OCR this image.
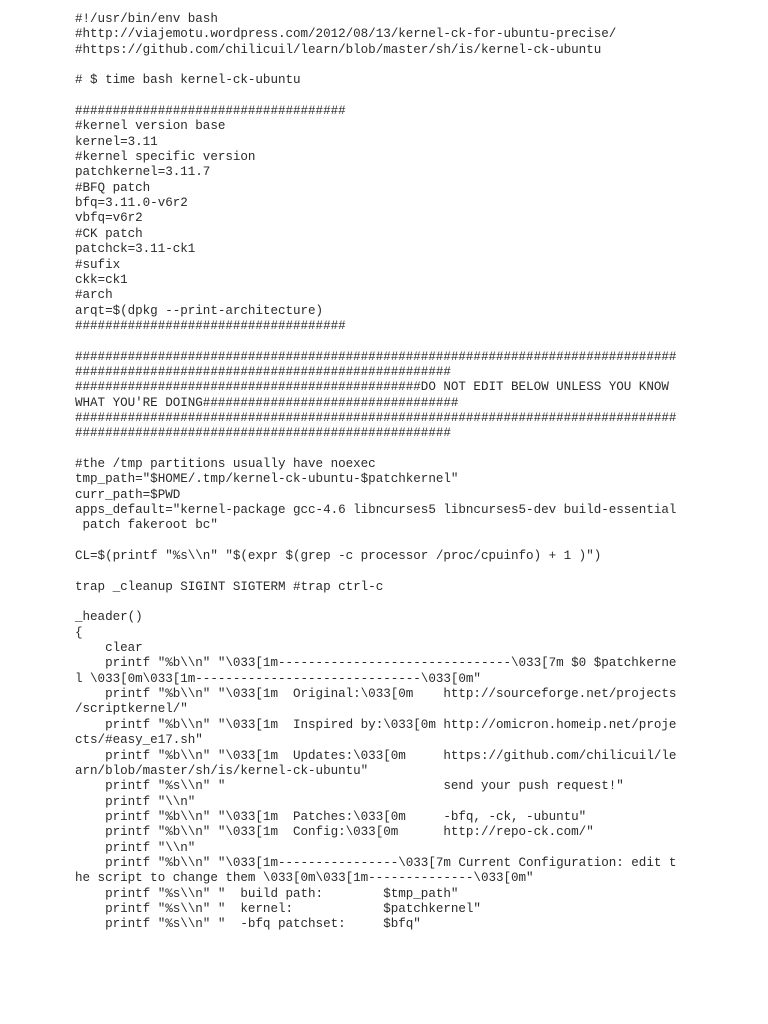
#!/usr/bin/env bash
#http://viajemotu.wordpress.com/2012/08/13/kernel-ck-for-ubuntu-precise/
#https://github.com/chilicuil/learn/blob/master/sh/is/kernel-ck-ubuntu
# $ time bash kernel-ck-ubuntu
####################################
#kernel version base
kernel=3.11
#kernel specific version
patchkernel=3.11.7
#BFQ patch
bfq=3.11.0-v6r2
vbfq=v6r2
#CK patch
patchck=3.11-ck1
#sufix
ckk=ck1
#arch
arqt=$(dpkg --print-architecture)
####################################
################################################################################
##################################################
##############################################DO NOT EDIT BELOW UNLESS YOU KNOW
WHAT YOU'RE DOING##################################
################################################################################
##################################################
#the /tmp partitions usually have noexec
tmp_path="$HOME/.tmp/kernel-ck-ubuntu-$patchkernel"
curr_path=$PWD
apps_default="kernel-package gcc-4.6 libncurses5 libncurses5-dev build-essential
patch fakeroot bc"
CL=$(printf "%s\\n" "$(expr $(grep -c processor /proc/cpuinfo) + 1 )")
trap _cleanup SIGINT SIGTERM #trap ctrl-c
_header()
{
clear
printf "%b\\n" "\033[1m-------------------------------\033[7m $0 $patchkerne
l \033[0m\033[1m------------------------------\033[0m"
printf "%b\\n" "\033[1m  Original:\033[0m    http://sourceforge.net/projects
/scriptkernel/"
printf "%b\\n" "\033[1m  Inspired by:\033[0m http://omicron.homeip.net/proje
cts/#easy_e17.sh"
printf "%b\\n" "\033[1m  Updates:\033[0m     https://github.com/chilicuil/le
arn/blob/master/sh/is/kernel-ck-ubuntu"
printf "%s\\n" "                             send your push request!"
printf "\\n"
printf "%b\\n" "\033[1m  Patches:\033[0m     -bfq, -ck, -ubuntu"
printf "%b\\n" "\033[1m  Config:\033[0m      http://repo-ck.com/"
printf "\\n"
printf "%b\\n" "\033[1m----------------\033[7m Current Configuration: edit t
he script to change them \033[0m\033[1m--------------\033[0m"
printf "%s\\n" "  build path:        $tmp_path"
printf "%s\\n" "  kernel:            $patchkernel"
printf "%s\\n" "  -bfq patchset:     $bfq"
